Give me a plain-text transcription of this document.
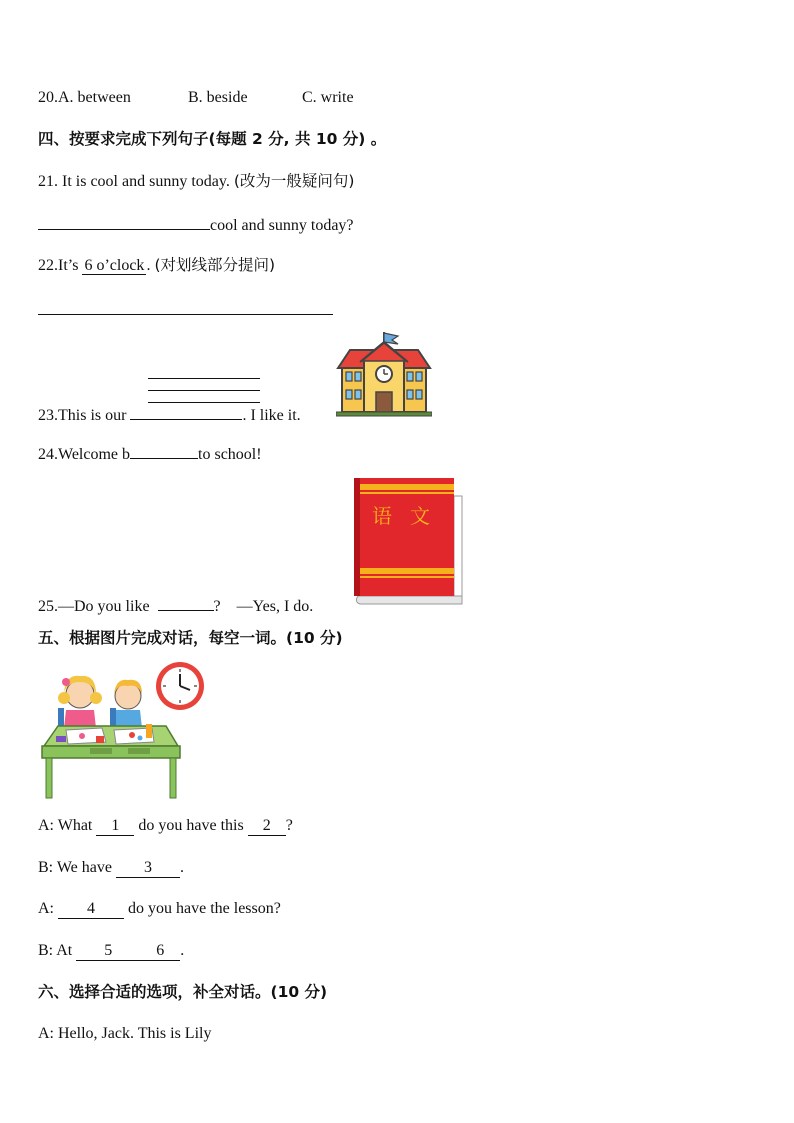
20.A. between	B. beside	C. write
四、按要求完成下列句子(每题 2 分, 共 10 分) 。
21. It is cool and sunny today. (改为一般疑问句)
cool and sunny today?
22.It’s 6 o’clock . (对划线部分提问)
23.This is our	. I like it.
24.Welcome b	to school!
语文
25.—Do you like	? —Yes, I do.
五、根据图片完成对话，每空一词。(10 分)
A: What 1 do you have this 2 ?
B: We have 3 .
A: 4 do you have the lesson?
B: At 5	6 .
六、选择合适的选项，补全对话。(10 分)
A: Hello, Jack. This is Lily
